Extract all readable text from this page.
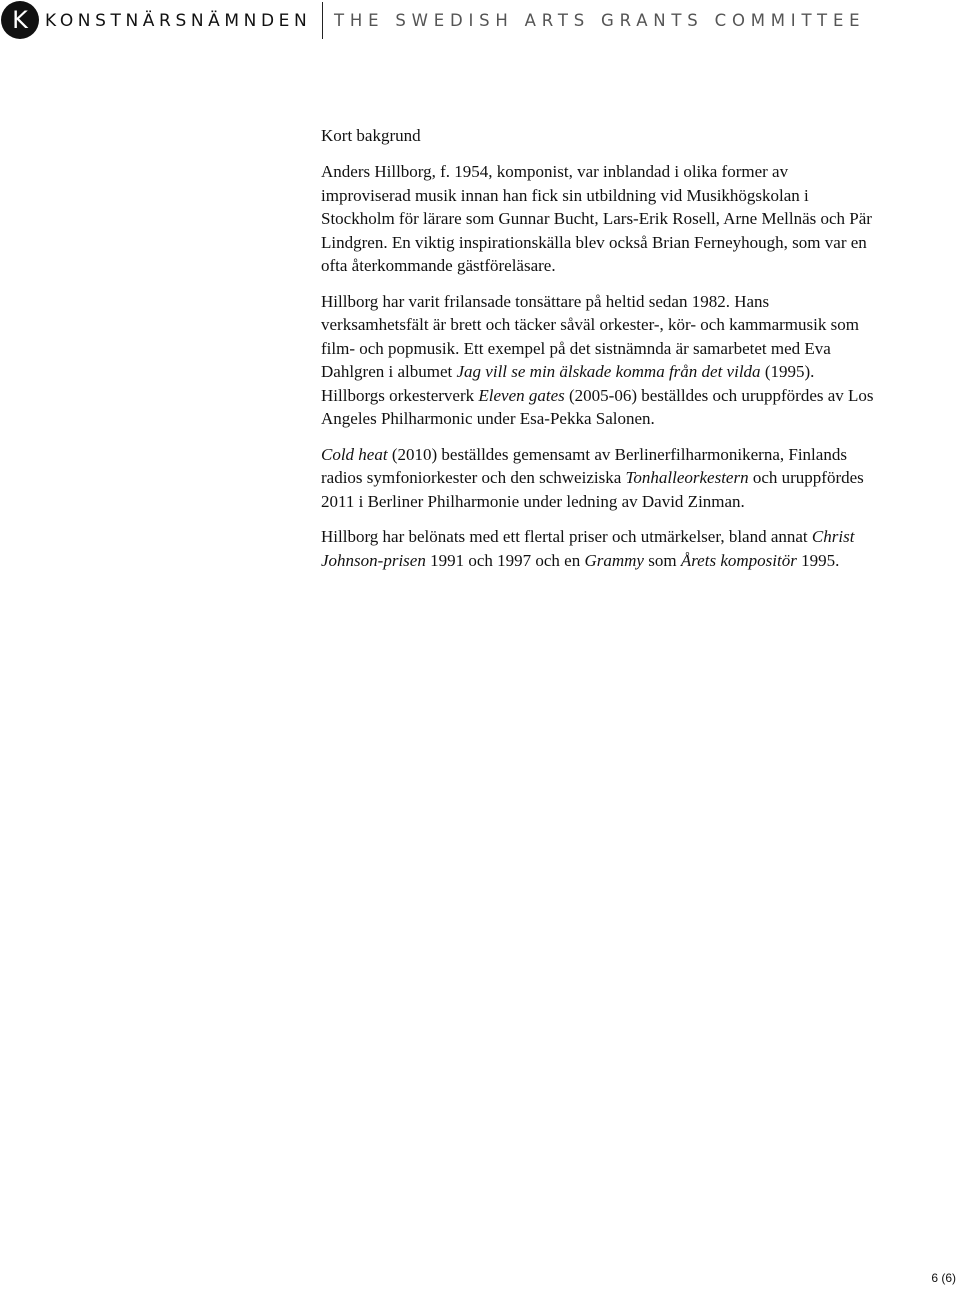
K	KONSTNÄRSNÄMNDEN THE SWEDISH ARTS GRANTS COMMITTEE
Kort bakgrund

Anders Hillborg, f. 1954, komponist, var inblandad i olika former av improviserad musik innan han fick sin utbildning vid Musikhögskolan i Stockholm för lärare som Gunnar Bucht, Lars-Erik Rosell, Arne Mellnäs och Pär Lindgren. En viktig inspirationskälla blev också Brian Ferneyhough, som var en ofta återkommande gästföreläsare.

Hillborg har varit frilansade tonsättare på heltid sedan 1982. Hans verksamhetsfält är brett och täcker såväl orkester-, kör- och kammarmusik som film- och popmusik. Ett exempel på det sistnämnda är samarbetet med Eva Dahlgren i albumet Jag vill se min älskade komma från det vilda (1995). Hillborgs orkesterverk Eleven gates (2005-06) beställdes och uruppfördes av Los Angeles Philharmonic under Esa-Pekka Salonen.

Cold heat (2010) beställdes gemensamt av Berlinerfilharmonikerna, Finlands radios symfoniorkester och den schweiziska Tonhalleorkestern och uruppfördes 2011 i Berliner Philharmonie under ledning av David Zinman.

Hillborg har belönats med ett flertal priser och utmärkelser, bland annat Christ Johnson-prisen 1991 och 1997 och en Grammy som Årets kompositör 1995.

6 (6)
